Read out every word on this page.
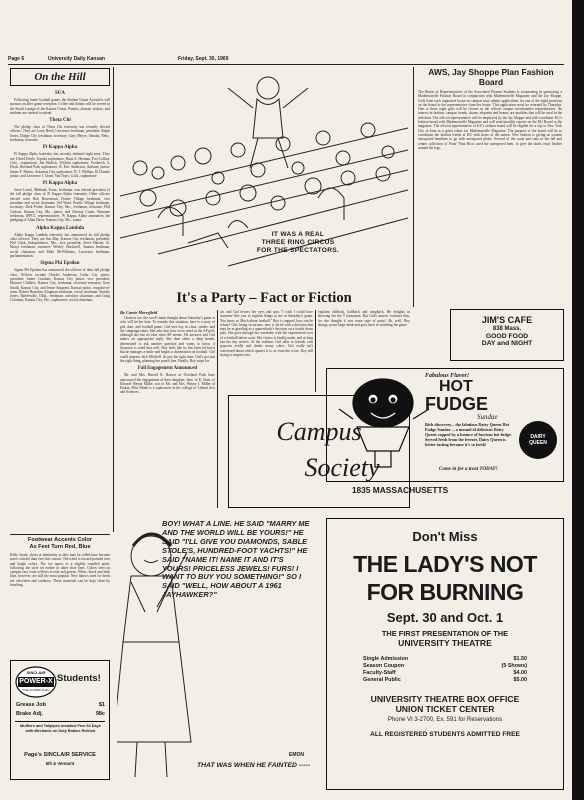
Page 6	University Daily Kansan	Friday, Sept. 30, 1960
On the Hill
SUA

Following home football games the Student Union Activities will sponsor an after game reception. Coffee and donuts will be served in the South Lounge of the Kansas Union. Parents, alumni, visitors, and students are invited to attend.

Theta Chi

The pledge class of Theta Chi fraternity has recently elected officers. They are Larry Reed, Lawrence freshman, president; Ralph Jones, Dodge City freshman, secretary; Gary Meyer, Omaha, Nebr., freshman, treasurer.

Pi Kappa Alpha

Pi Kappa Alpha fraternity has recently initiated eight men. They are: David Doyle, Topeka sophomore; Hans A. Herman, Fort Collins, Colo., sophomore; Jon Ehrlich, Wichita sophomore; Frederick A. Fleck, Roeland Park sophomore; R. Eric Anderson, Anthony junior; James F. Martin, Arkansas City sophomore; R. T. Phillips, El Dorado junior; and Lawrence J. Grant, Van Nuys, Calif., sophomore.

Pi Kappa Alpha

Steve Leach, Midland, Texas, freshman, was elected president of the fall pledge class of Pi Kappa Alpha fraternity. Other officers elected were Bob Bowerman, Prairie Village freshman, vice president and social chairman; Jeff Ward, Prairie Village freshman, secretary; Dick Potter, Kansas City, Mo., freshman, treasurer; Phil Carlson, Kansas City, Mo., junior, and Glenray Crater, Shawnee freshman, IFPCC representatives. Pi Kappa Alpha announces the pledging of Allan Davis, Kansas City, Mo., junior.

Alpha Kappa Lambda

Alpha Kappa Lambda fraternity has announced its fall pledge class officers. They are Jim May, Kansas City freshman, president; Phil Clark, Independence, Mo., vice president; Steve Haisler, St. Marys freshman, treasurer; Wesley Stockwell, Satanta freshman, social chairman, and Mike McWilliams, Lawrence freshman, parliamentarian.

Sigma Phi Epsilon

Sigma Phi Epsilon has announced the officers of their fall pledge class. Officers include Charles Anderson, Cedar City junior, president; James Combart, Kansas City junior, vice president; Maurice Childers, Kansas City, freshman, secretary-treasurer; Gary Smith, Kansas City, and Jessie Sargeant, Kansas junior, sergeant-at-arms; Robert Brandon, Kingman freshman, social chairman; Stanley Jones, Bartlesville, Okla., freshman, activities chairman, and Craig Coleman, Kansas City, Mo., sophomore, social chairman.

Footwear Accents Color
As Feet Turn Red, Blue
Kelly, beads, shoes or femininity as they may be called have become more colorful than ever this season. The trend is toward pointed toes and bright colors. The toe tapers to a slightly rounded point, following the style set earlier in other shoe lines. Colors seen on campus vary from yellows to reds and greens. White, black and dark blue, however, are still the most popular. New fabrics used for heels are velveteen and corduroy. These materials can be kept clean by brushing.
SINCLAIR
POWER-X
THE POWER FUEL
Students!
Grease Job	$1
Brake Adj.	98c
Mufflers and Tailpipes Installed Free 60 Days with Mechanic on Duty Brakes Relined
Page's SINCLAIR SERVICE
6th & Vermont
IT WAS A REAL
THREE RING CIRCUS
FOR THE SPECTATORS.
It's a Party – Fact or Fiction
By Carrie Merryfield

Chances are, the coed's main thought about Saturday's game is who will be her date. To remedy this situation, here is a story of girl, date, and football game. Girl sees boy in class, smiles, and the campaign starts. She asks him how we're rated in the AP poll, although she has no idea what AP means. He answers and Girl makes an appropriate reply. She then takes a deep breath, determined to ask another question and wants to know if Syracuse is rated that well. Boy feels like he has been hit-but-it but he manages a smile and begins a dissertation on football. Girl could impress Jack Mitchell. At just the right time, Girl's got just the right thing, planning her punch line. Finally, Boy stops for

Fall Engagement Announced

Mr. and Mrs. Harold R. Beaver of Overland Park have announced the engagement of their daughter, Jane, of K. State, to Edward Wayne Miller, son of Mr. and Mrs. Wayne J. Miller of Parkin. Miss Monk is a sophomore in the college of Liberal Arts and Sciences.

air, and Girl lowers her eyes and says "I wish I could have someone like you to explain things to me at Saturday's game. You know so Much about football." Boy is trapped, how can he refuse? Girl, being victorious, now is faced with a decision that may be as grueling as a quarterback's decision on a fourth down play. She goes through her wardrobe with the experienced eyes of a football talent scout. Her choice is finally made, and at long last the day arrives. At the stadium, Girl talks to friends, eats popcorn avidly and drinks many cokes. Girl really isn't concerned about which quarter it is, or even the score. Boy still trying to impress her,
explains fullback, halfback and wingback. He delights in showing her the T formation. But Girl's answer confuses him, for she thought it was some type of party! Ah, well, Boy shrugs, pours large drink and goes back to watching the game.
Campus
Society
BOY! WHAT A LINE. HE SAID "MARRY ME AND THE WORLD WILL BE YOURS!" HE SAID "I'LL GIVE YOU DIAMONDS, SABLE STOLE'S, HUNDRED-FOOT YACHTS!" HE SAID "NAME IT! NAME IT AND IT'S YOURS! PRICELESS JEWELS! FURS! I WANT TO BUY YOU SOMETHING!" SO I SAID "WELL, HOW ABOUT A 1961 JAYHAWKER?"
THAT WAS WHEN HE FAINTED -----
EMON
AWS, Jay Shoppe Plan Fashion Board
The House of Representatives of the Associated Women Students is cooperating in sponsoring a Mademoiselle Fashion Board in conjunction with Mademoiselle Magazine and the Jay Shoppe. Girls from each organized house on campus may submit applications for one of the eight positions on the board to the representative from her house. This application must be returned by Thursday. One of these eight girls will be chosen as the official campus merchandise representative. An interest in fashion, campus trends, charm, etiquette and beauty are qualities that will be used in the selection. The official representative will be employed by the Jay Shoppe and will coordinate KU's fashion board with Mademoiselle Magazine and will send monthly reports on the KU Board to the magazine. The official representative of KU's fashion board will be eligible for a trip to New York City in June as a guest editor for Mademoiselle Magazine. The purpose of the board will be to coordinate the fashion trends at KU with those of the nation. New fashion is giving us women unexposed hemlines to go with unexposed pleats. Several of the coats and suits in the fall and winter collection of Paris' Nina Ricci used the unexposed hem, to give the skirts extra hitches around the legs.
JIM'S CAFE
838 Mass.
GOOD FOOD
DAY and NIGHT
Fabulous Flavor!
HOT
FUDGE
Sundae
Rich discovery... the fabulous Dairy Queen Hot Fudge Sundae ... a mound of delicious Dairy Queen capped by a bounce of luscious hot fudge. Served fresh from the freezer, Dairy Queen is better tasting because it's so fresh!
DAIRY QUEEN
Come in for a treat TODAY!
1835 MASSACHUSETTS
Don't Miss
THE LADY'S NOT
FOR BURNING
Sept. 30 and Oct. 1
THE FIRST PRESENTATION OF THE
UNIVERSITY THEATRE
Single Admission	$1.50
Season Coupon	(5 Shows)
Faculty-Staff	$4.00
General Public	$5.00
UNIVERSITY THEATRE BOX OFFICE
UNION TICKET CENTER
Phone VI 3-2700, Ex. 591 for Reservations
ALL REGISTERED STUDENTS ADMITTED FREE
